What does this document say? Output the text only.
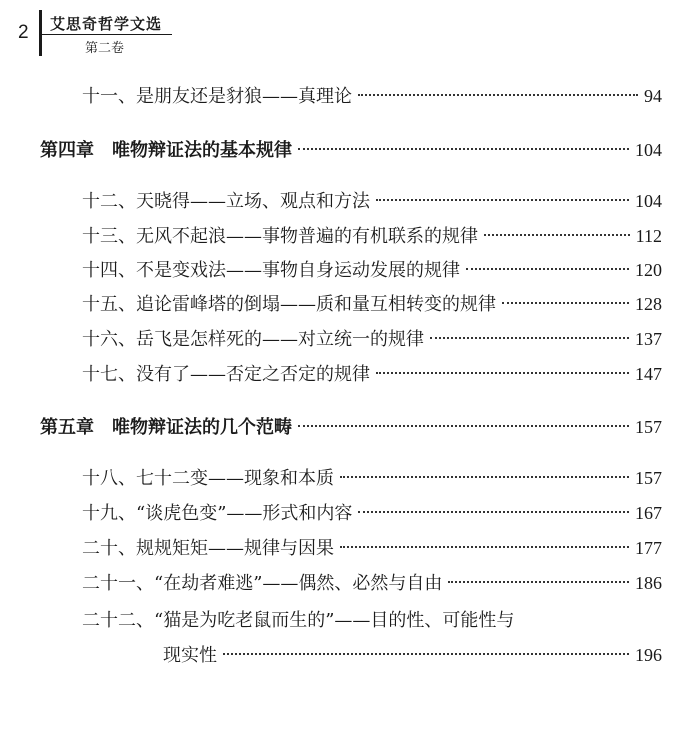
2 艾思奇哲学文选
第二卷
十一、是朋友还是豺狼——真理论	94
第四章　唯物辩证法的基本规律	104
十二、天晓得——立场、观点和方法	104
十三、无风不起浪——事物普遍的有机联系的规律	112
十四、不是变戏法——事物自身运动发展的规律	120
十五、追论雷峰塔的倒塌——质和量互相转变的规律	128
十六、岳飞是怎样死的——对立统一的规律	137
十七、没有了——否定之否定的规律	147
第五章　唯物辩证法的几个范畴	157
十八、七十二变——现象和本质	157
十九、“谈虎色变”——形式和内容	167
二十、规规矩矩——规律与因果	177
二十一、“在劫者难逃”——偶然、必然与自由	186
二十二、“猫是为吃老鼠而生的”——目的性、可能性与
现实性	196
